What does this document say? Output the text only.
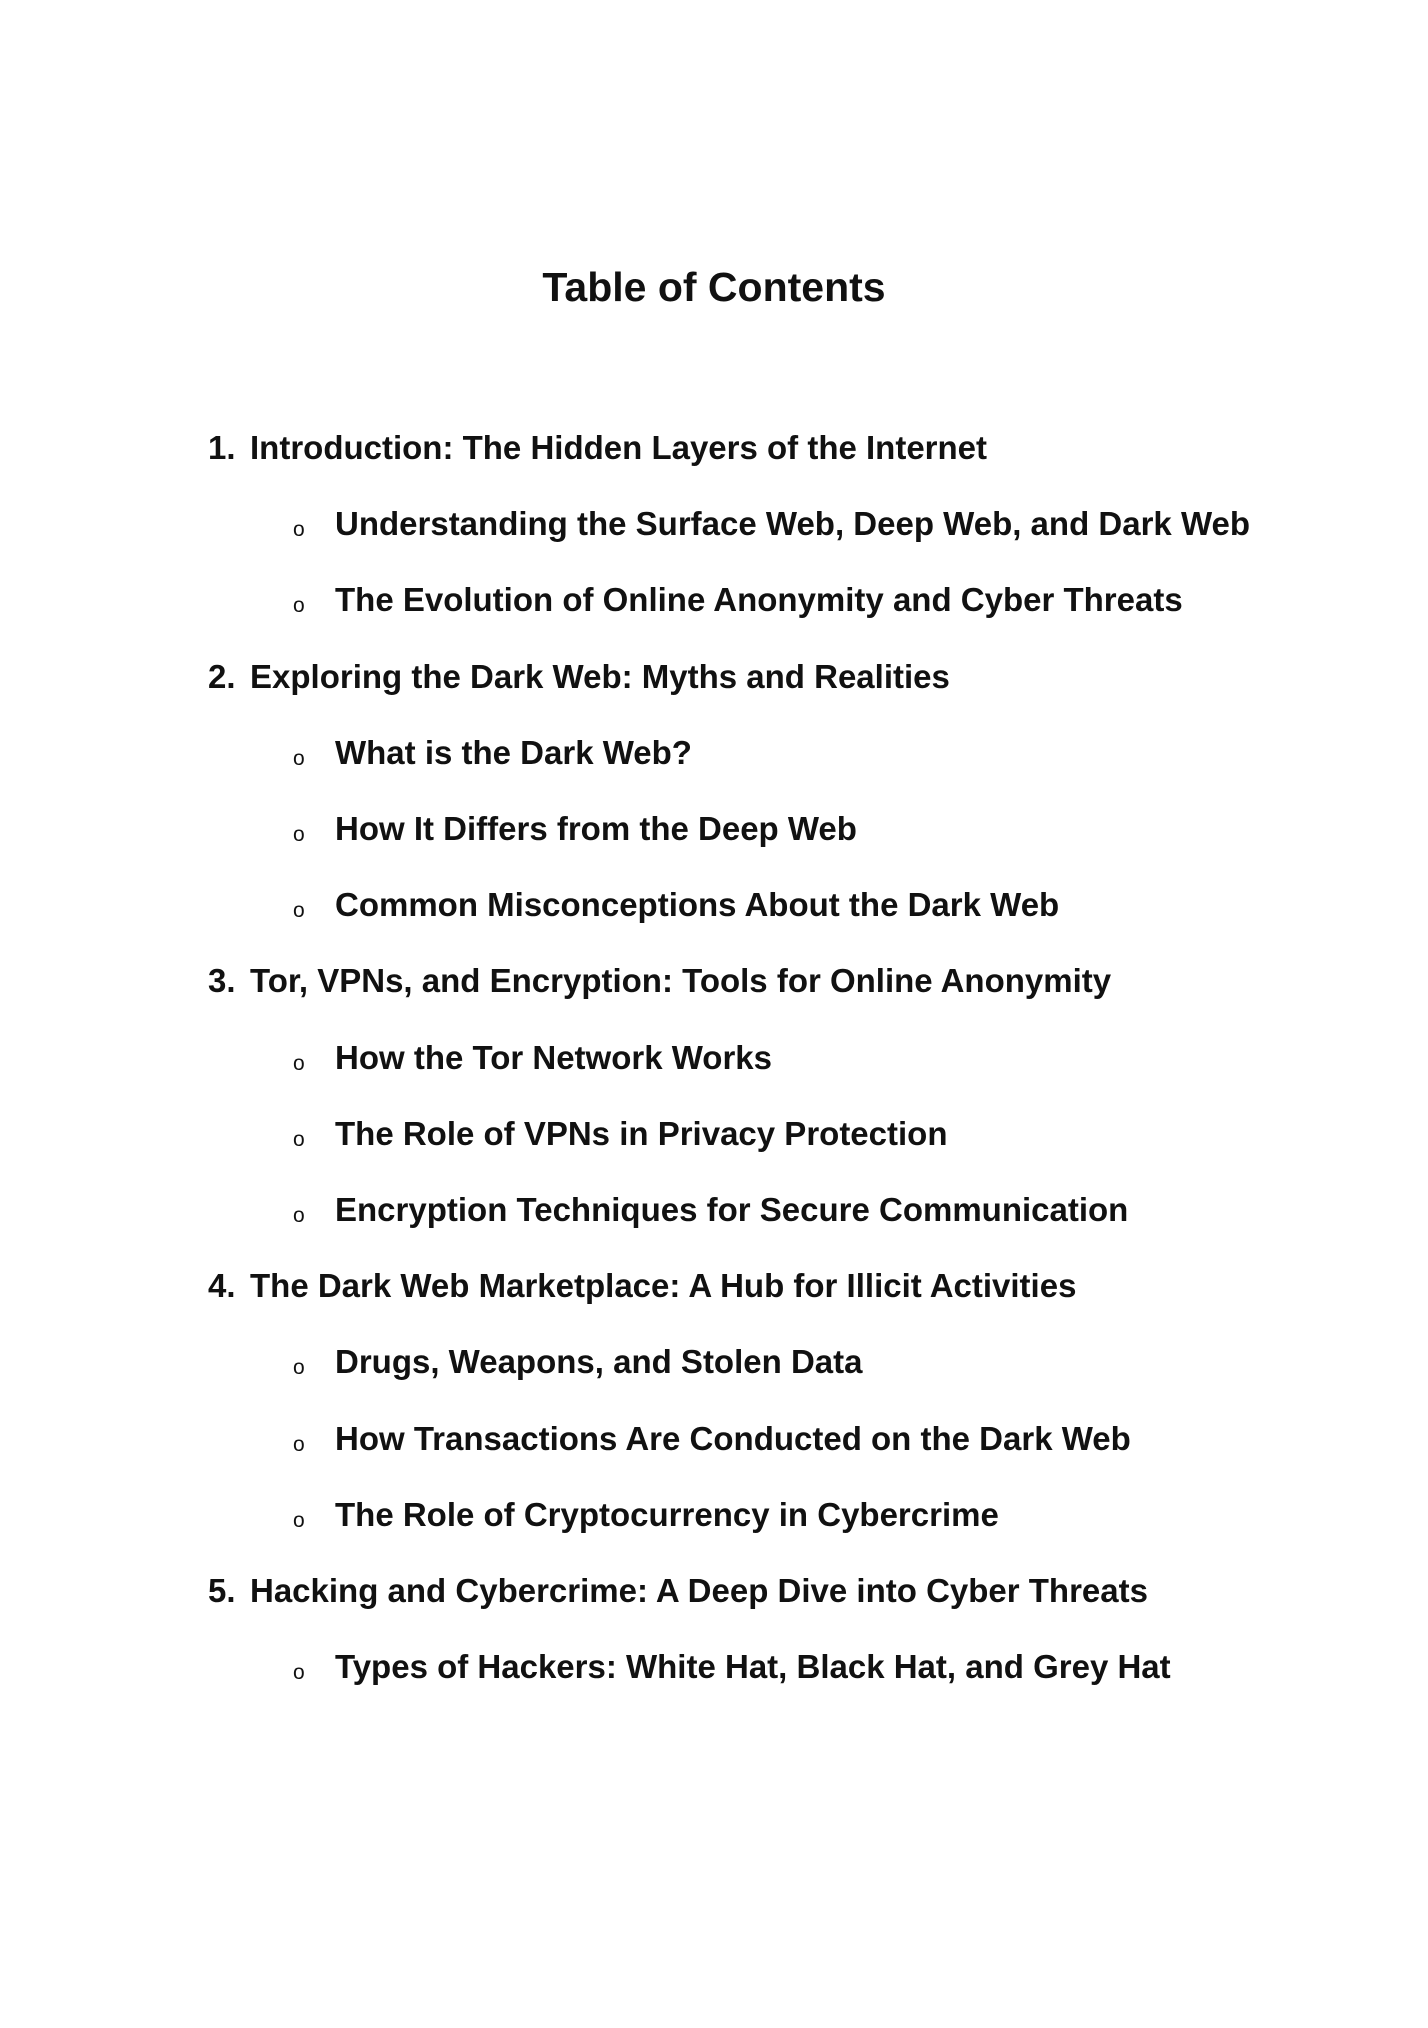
Table of Contents
1. Introduction: The Hidden Layers of the Internet
o Understanding the Surface Web, Deep Web, and Dark Web
o The Evolution of Online Anonymity and Cyber Threats
2. Exploring the Dark Web: Myths and Realities
o What is the Dark Web?
o How It Differs from the Deep Web
o Common Misconceptions About the Dark Web
3. Tor, VPNs, and Encryption: Tools for Online Anonymity
o How the Tor Network Works
o The Role of VPNs in Privacy Protection
o Encryption Techniques for Secure Communication
4. The Dark Web Marketplace: A Hub for Illicit Activities
o Drugs, Weapons, and Stolen Data
o How Transactions Are Conducted on the Dark Web
o The Role of Cryptocurrency in Cybercrime
5. Hacking and Cybercrime: A Deep Dive into Cyber Threats
o Types of Hackers: White Hat, Black Hat, and Grey Hat
